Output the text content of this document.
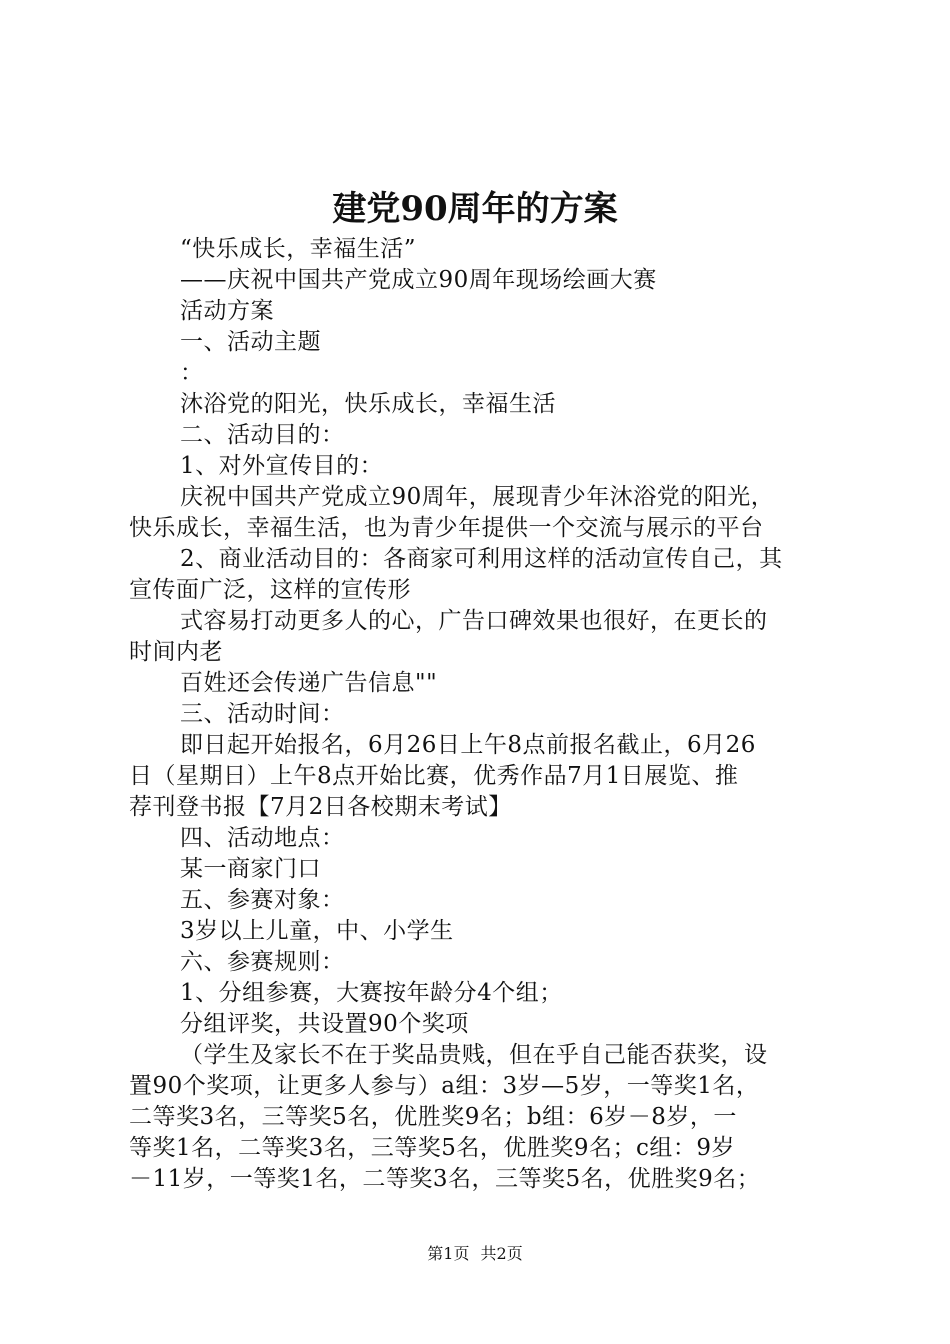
建党90周年的方案

“快乐成长，幸福生活”

——庆祝中国共产党成立90周年现场绘画大赛

活动方案

一、活动主题

：

沐浴党的阳光，快乐成长，幸福生活

二、活动目的：

1、对外宣传目的：

庆祝中国共产党成立90周年，展现青少年沐浴党的阳光，

快乐成长，幸福生活，也为青少年提供一个交流与展示的平台

2、商业活动目的：各商家可利用这样的活动宣传自己，其

宣传面广泛，这样的宣传形

式容易打动更多人的心，广告口碑效果也很好，在更长的

时间内老

百姓还会传递广告信息""

三、活动时间：

即日起开始报名，6月26日上午8点前报名截止，6月26

日（星期日）上午8点开始比赛，优秀作品7月1日展览、推

荐刊登书报【7月2日各校期末考试】

四、活动地点：

某一商家门口

五、参赛对象：

3岁以上儿童，中、小学生

六、参赛规则：

1、分组参赛，大赛按年龄分4个组；

分组评奖，共设置90个奖项

（学生及家长不在于奖品贵贱，但在乎自己能否获奖，设

置90个奖项，让更多人参与）a组：3岁—5岁，一等奖1名，

二等奖3名，三等奖5名，优胜奖9名；b组：6岁－8岁，一

等奖1名，二等奖3名，三等奖5名，优胜奖9名；c组：9岁

－11岁，一等奖1名，二等奖3名，三等奖5名，优胜奖9名；

第1页 共2页
